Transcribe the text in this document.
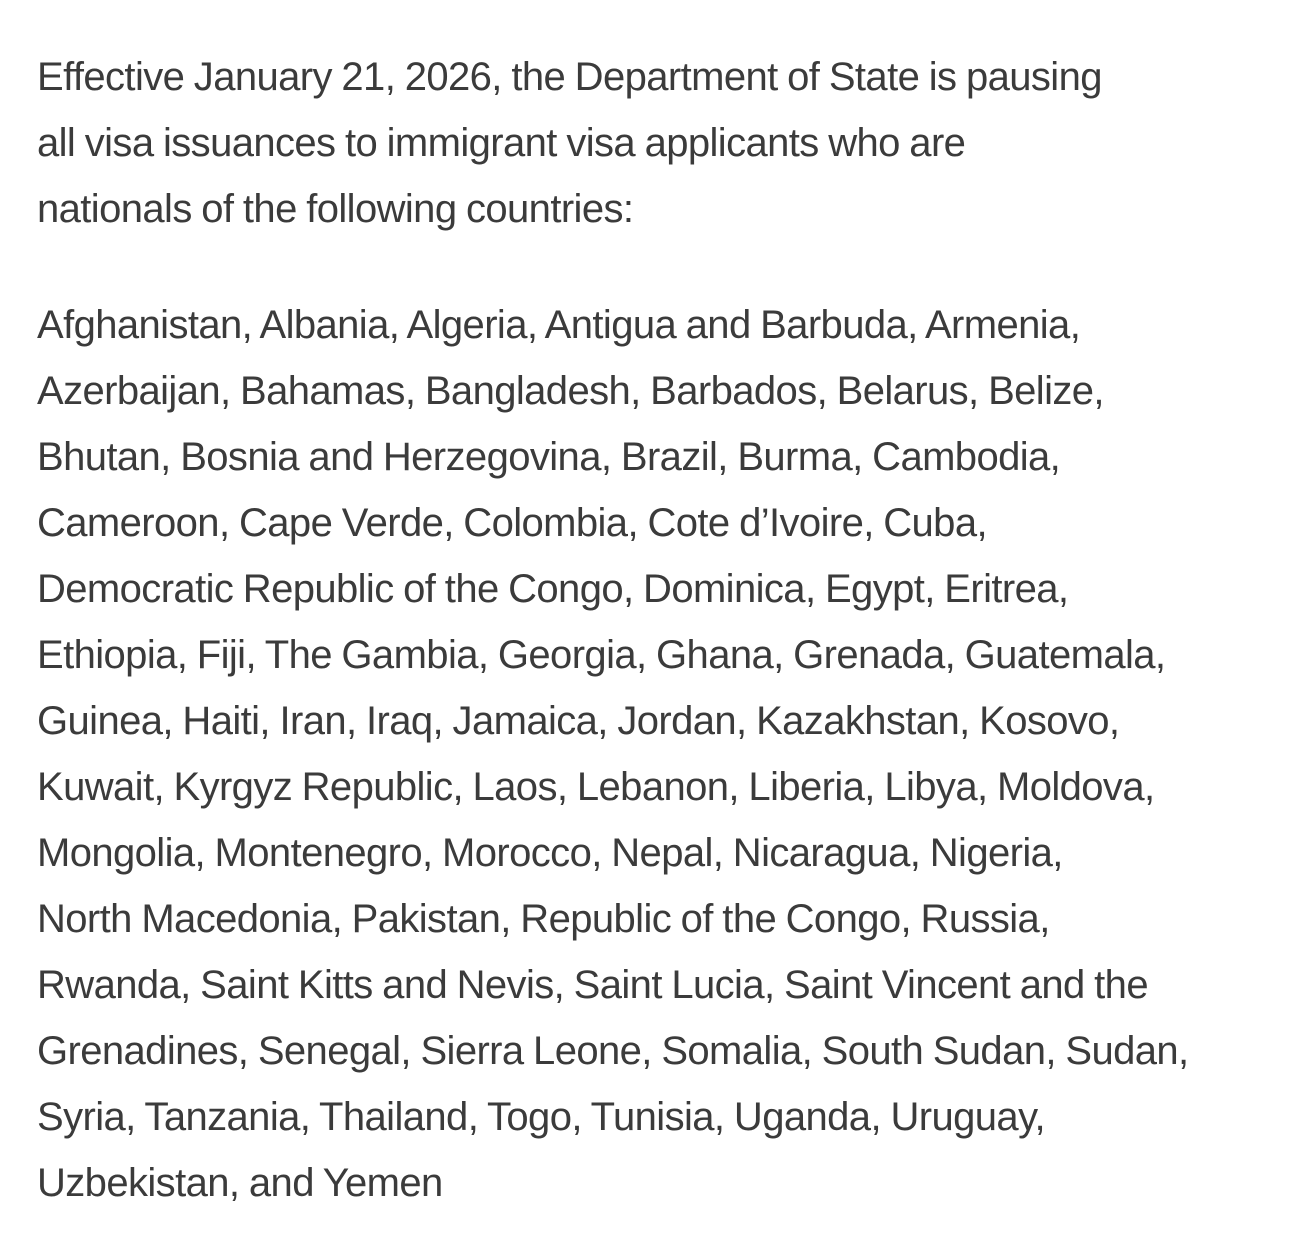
Effective January 21, 2026, the Department of State is pausing
all visa issuances to immigrant visa applicants who are
nationals of the following countries:

Afghanistan, Albania, Algeria, Antigua and Barbuda, Armenia,
Azerbaijan, Bahamas, Bangladesh, Barbados, Belarus, Belize,
Bhutan, Bosnia and Herzegovina, Brazil, Burma, Cambodia,
Cameroon, Cape Verde, Colombia, Cote d’Ivoire, Cuba,
Democratic Republic of the Congo, Dominica, Egypt, Eritrea,
Ethiopia, Fiji, The Gambia, Georgia, Ghana, Grenada, Guatemala,
Guinea, Haiti, Iran, Iraq, Jamaica, Jordan, Kazakhstan, Kosovo,
Kuwait, Kyrgyz Republic, Laos, Lebanon, Liberia, Libya, Moldova,
Mongolia, Montenegro, Morocco, Nepal, Nicaragua, Nigeria,
North Macedonia, Pakistan, Republic of the Congo, Russia,
Rwanda, Saint Kitts and Nevis, Saint Lucia, Saint Vincent and the
Grenadines, Senegal, Sierra Leone, Somalia, South Sudan, Sudan,
Syria, Tanzania, Thailand, Togo, Tunisia, Uganda, Uruguay,
Uzbekistan, and Yemen
